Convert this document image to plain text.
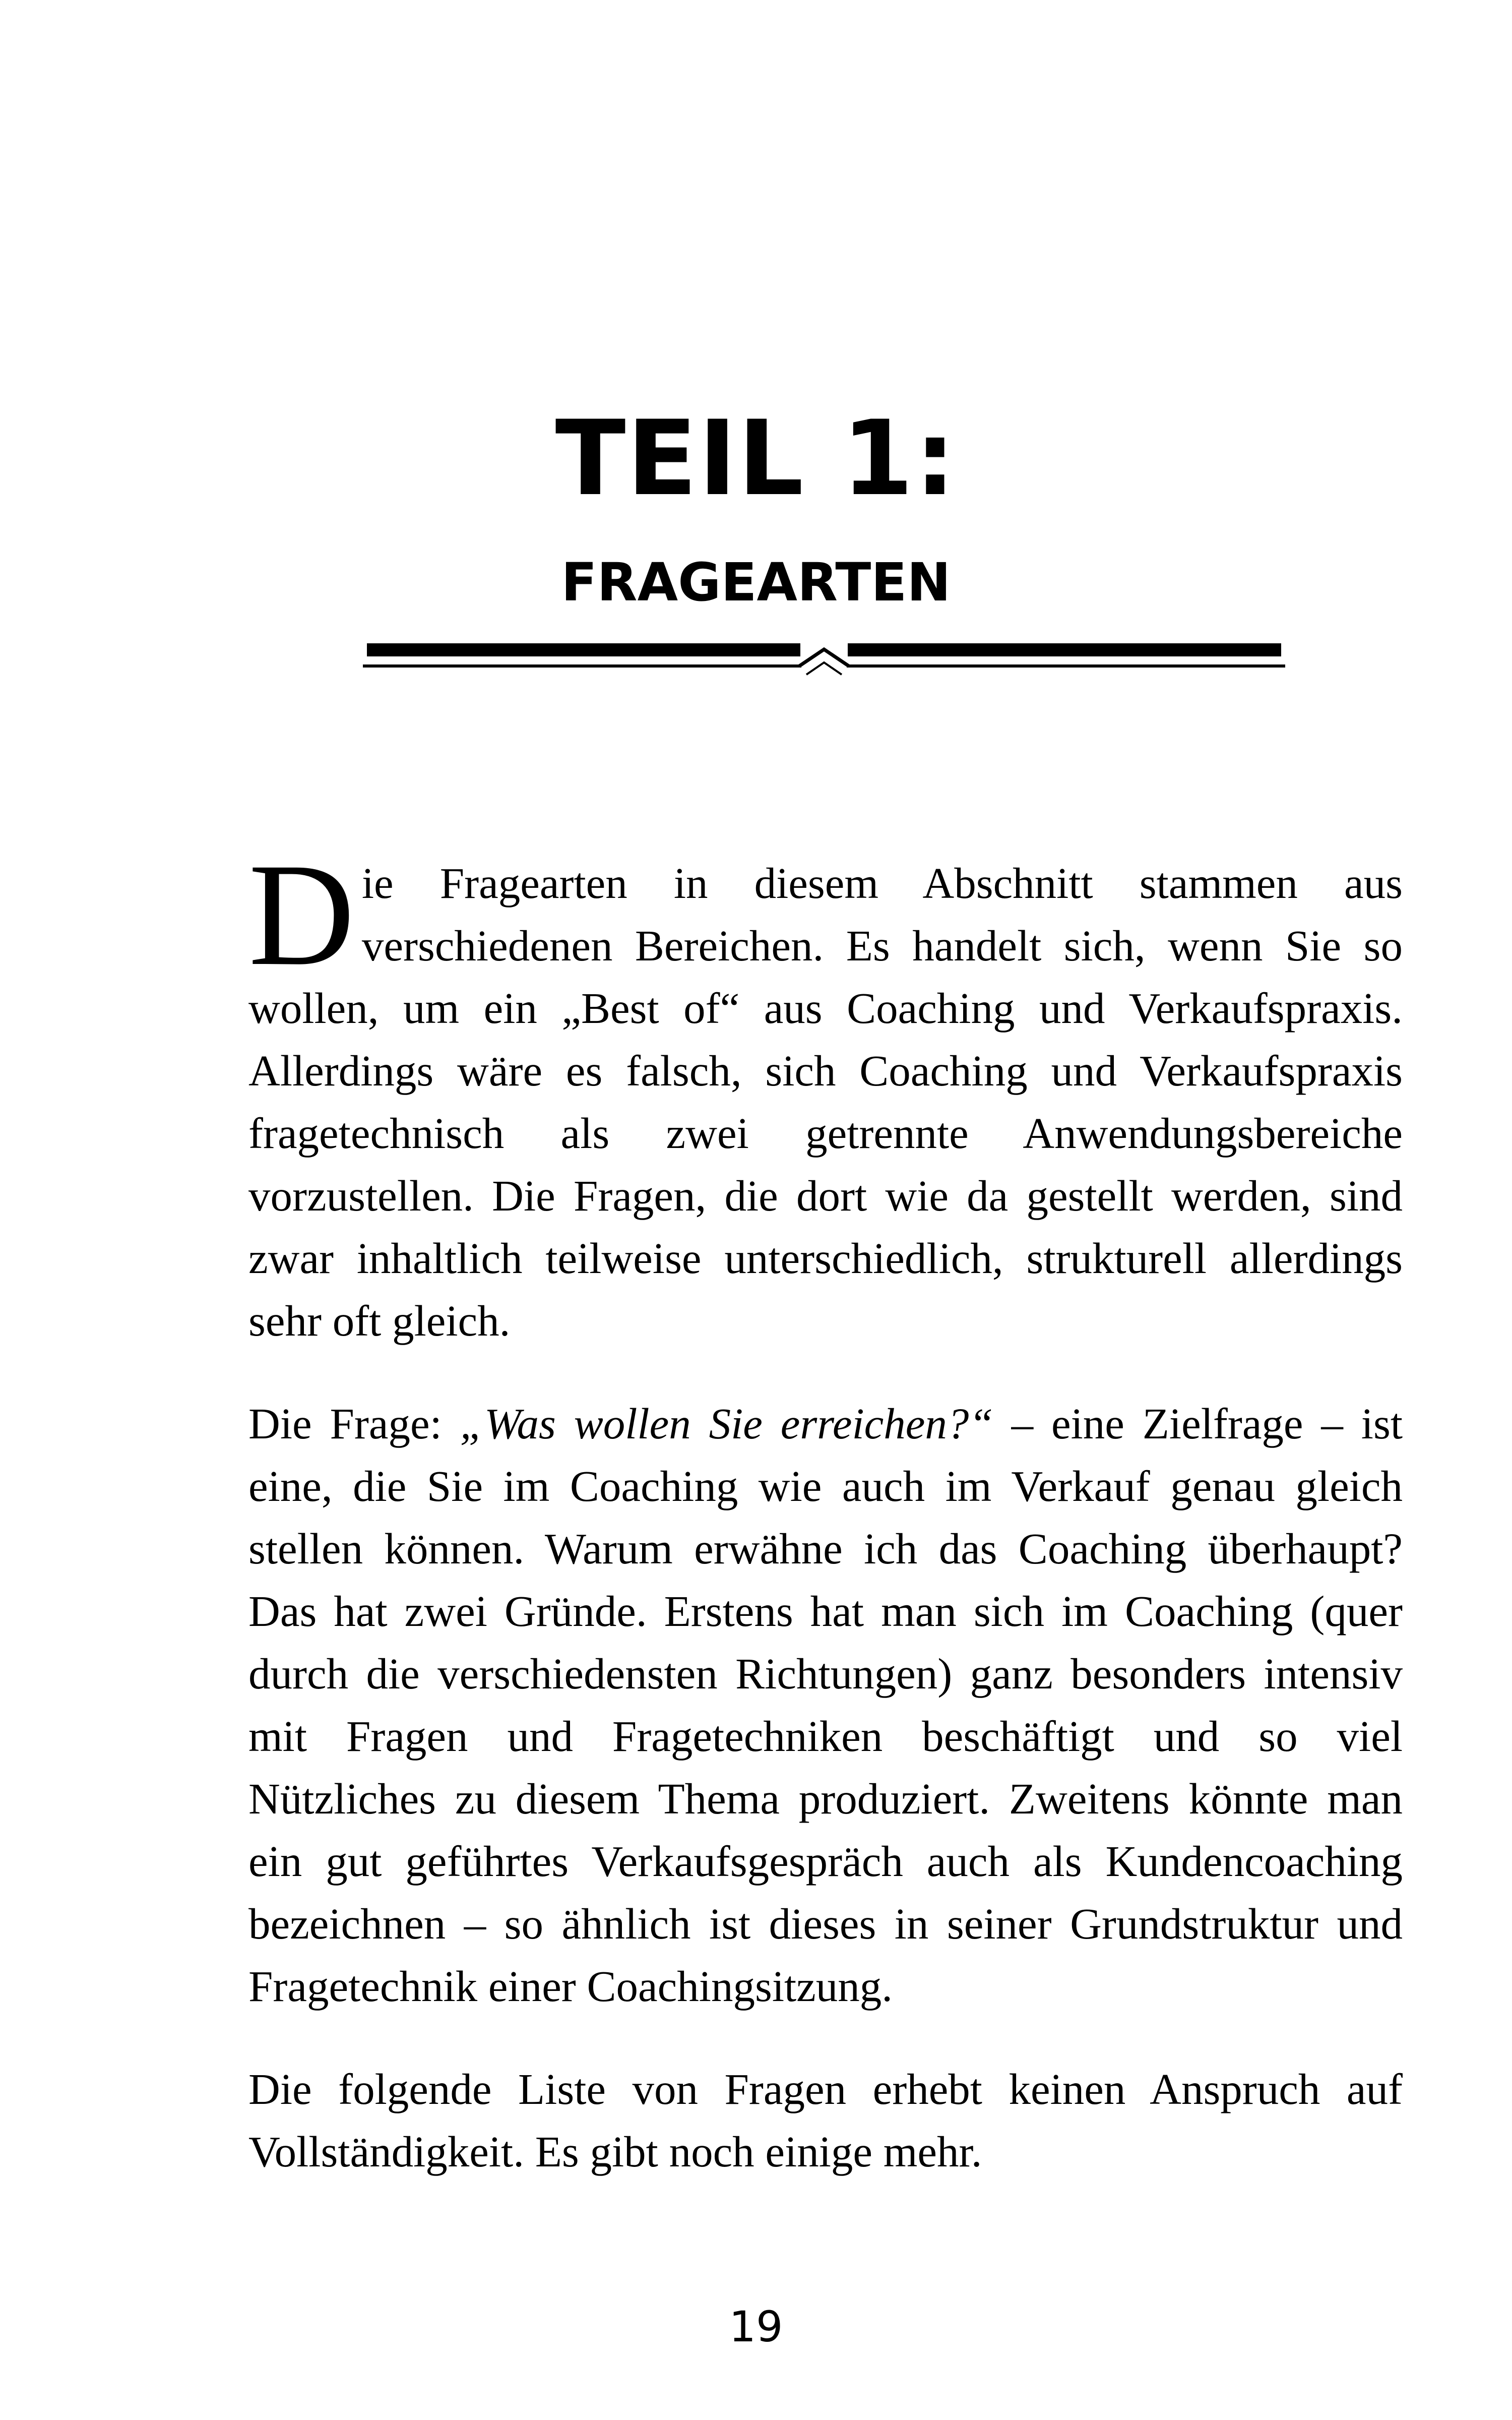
TEIL 1:
FRAGEARTEN

Die Fragearten in diesem Abschnitt stammen aus verschiedenen Bereichen. Es handelt sich, wenn Sie so wollen, um ein „Best of“ aus Coaching und Verkaufspraxis. Allerdings wäre es falsch, sich Coaching und Verkaufspraxis fragetechnisch als zwei getrennte Anwendungsbereiche vorzustellen. Die Fragen, die dort wie da gestellt werden, sind zwar inhaltlich teilweise unterschiedlich, strukturell allerdings sehr oft gleich.

Die Frage: „Was wollen Sie erreichen?“ – eine Zielfrage – ist eine, die Sie im Coaching wie auch im Verkauf genau gleich stellen können. Warum erwähne ich das Coaching überhaupt? Das hat zwei Gründe. Erstens hat man sich im Coaching (quer durch die verschiedensten Richtungen) ganz besonders intensiv mit Fragen und Fragetechniken beschäftigt und so viel Nützliches zu diesem Thema produziert. Zweitens könnte man ein gut geführtes Verkaufsgespräch auch als Kundencoaching bezeichnen – so ähnlich ist dieses in seiner Grundstruktur und Fragetechnik einer Coachingsitzung.

Die folgende Liste von Fragen erhebt keinen Anspruch auf Vollständigkeit. Es gibt noch einige mehr.

19
